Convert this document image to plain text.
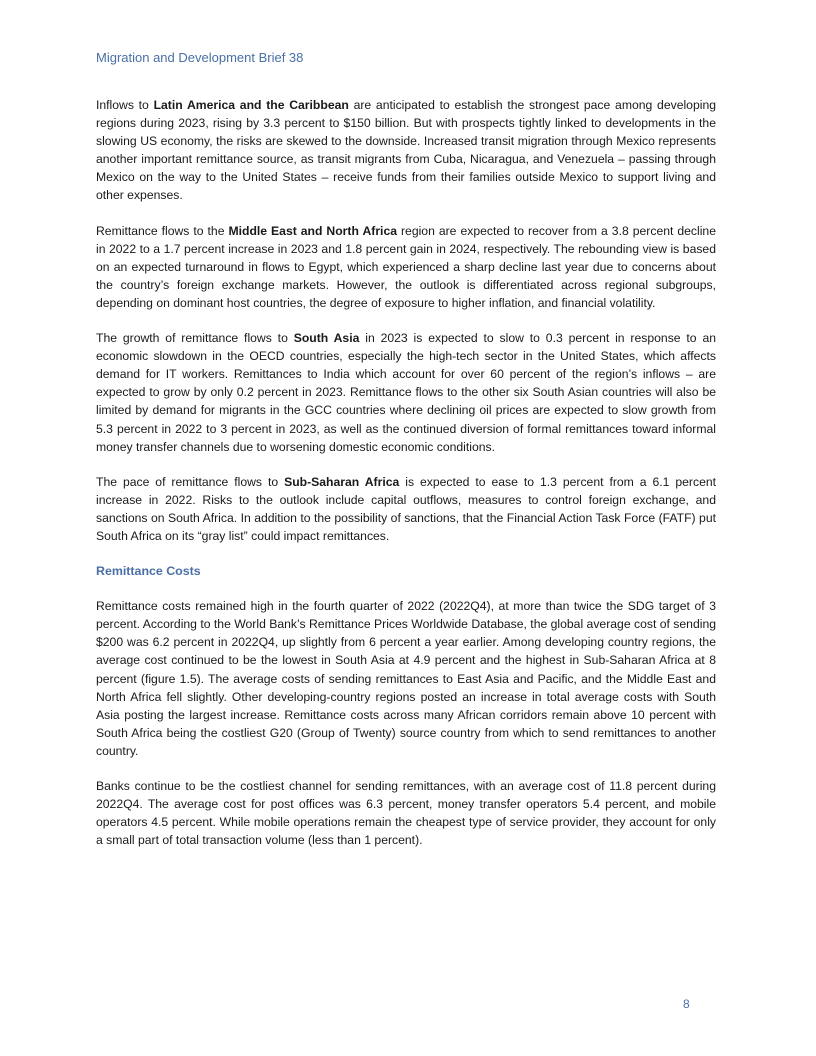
Migration and Development Brief 38

Inflows to Latin America and the Caribbean are anticipated to establish the strongest pace among developing regions during 2023, rising by 3.3 percent to $150 billion. But with prospects tightly linked to developments in the slowing US economy, the risks are skewed to the downside. Increased transit migration through Mexico represents another important remittance source, as transit migrants from Cuba, Nicaragua, and Venezuela – passing through Mexico on the way to the United States – receive funds from their families outside Mexico to support living and other expenses.

Remittance flows to the Middle East and North Africa region are expected to recover from a 3.8 percent decline in 2022 to a 1.7 percent increase in 2023 and 1.8 percent gain in 2024, respectively. The rebounding view is based on an expected turnaround in flows to Egypt, which experienced a sharp decline last year due to concerns about the country’s foreign exchange markets. However, the outlook is differentiated across regional subgroups, depending on dominant host countries, the degree of exposure to higher inflation, and financial volatility.

The growth of remittance flows to South Asia in 2023 is expected to slow to 0.3 percent in response to an economic slowdown in the OECD countries, especially the high-tech sector in the United States, which affects demand for IT workers. Remittances to India which account for over 60 percent of the region’s inflows – are expected to grow by only 0.2 percent in 2023. Remittance flows to the other six South Asian countries will also be limited by demand for migrants in the GCC countries where declining oil prices are expected to slow growth from 5.3 percent in 2022 to 3 percent in 2023, as well as the continued diversion of formal remittances toward informal money transfer channels due to worsening domestic economic conditions.

The pace of remittance flows to Sub-Saharan Africa is expected to ease to 1.3 percent from a 6.1 percent increase in 2022. Risks to the outlook include capital outflows, measures to control foreign exchange, and sanctions on South Africa. In addition to the possibility of sanctions, that the Financial Action Task Force (FATF) put South Africa on its “gray list” could impact remittances.

Remittance Costs

Remittance costs remained high in the fourth quarter of 2022 (2022Q4), at more than twice the SDG target of 3 percent. According to the World Bank’s Remittance Prices Worldwide Database, the global average cost of sending $200 was 6.2 percent in 2022Q4, up slightly from 6 percent a year earlier. Among developing country regions, the average cost continued to be the lowest in South Asia at 4.9 percent and the highest in Sub-Saharan Africa at 8 percent (figure 1.5). The average costs of sending remittances to East Asia and Pacific, and the Middle East and North Africa fell slightly. Other developing-country regions posted an increase in total average costs with South Asia posting the largest increase. Remittance costs across many African corridors remain above 10 percent with South Africa being the costliest G20 (Group of Twenty) source country from which to send remittances to another country.

Banks continue to be the costliest channel for sending remittances, with an average cost of 11.8 percent during 2022Q4. The average cost for post offices was 6.3 percent, money transfer operators 5.4 percent, and mobile operators 4.5 percent. While mobile operations remain the cheapest type of service provider, they account for only a small part of total transaction volume (less than 1 percent).

8
